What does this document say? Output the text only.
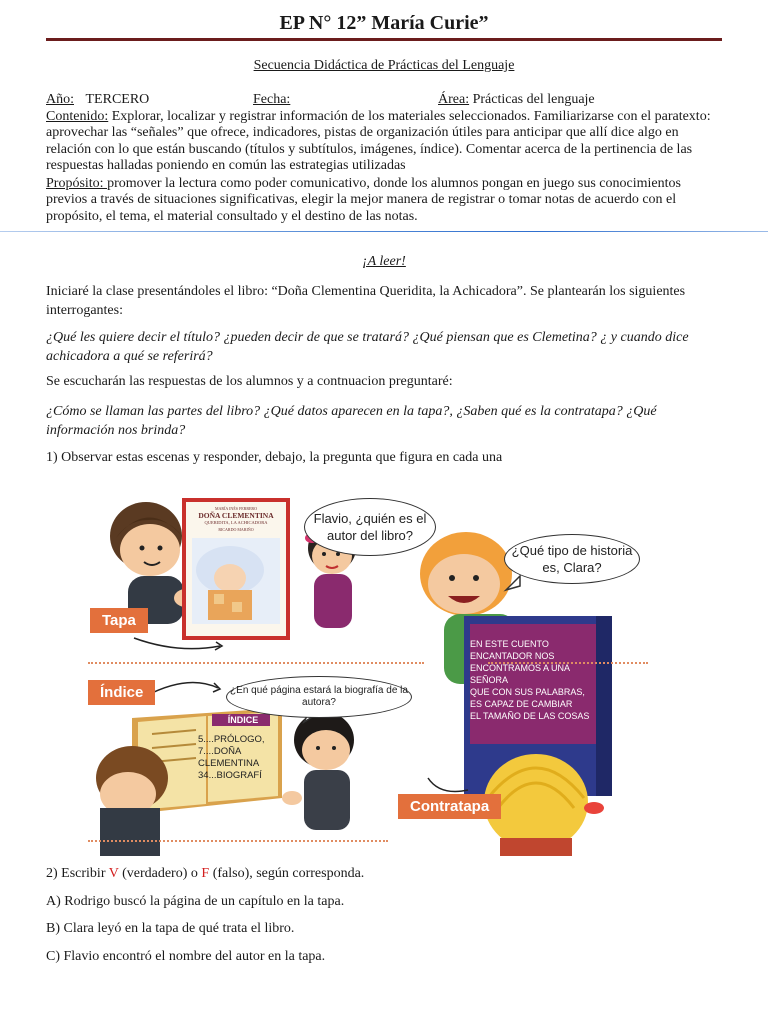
EP N° 12” María Curie”
Secuencia Didáctica de Prácticas del Lenguaje
Año: TERCERO	Fecha:	Área: Prácticas del lenguaje
Contenido: Explorar, localizar y registrar información de los materiales seleccionados. Familiarizarse con el paratexto: aprovechar las “señales” que ofrece, indicadores, pistas de organización útiles para anticipar que allí dice algo en relación con lo que están buscando (títulos y subtítulos, imágenes, índice). Comentar acerca de la pertinencia de las respuestas halladas poniendo en común las estrategias utilizadas
Propósito: promover la lectura como poder comunicativo, donde los alumnos pongan en juego sus conocimientos previos a través de situaciones significativas, elegir la mejor manera de registrar o tomar notas de acuerdo con el propósito, el tema, el material consultado y el destino de las notas.
¡A leer!
Iniciaré la clase presentándoles el libro: “Doña Clementina Queridita, la Achicadora”. Se plantearán los siguientes interrogantes:
¿Qué les quiere decir el título? ¿pueden decir de que se tratará? ¿Qué piensan que es Clemetina? ¿ y cuando dice achicadora a qué se referirá?
Se escucharán las respuestas de los alumnos y a contnuacion preguntaré:
¿Cómo se llaman las partes del libro? ¿Qué datos aparecen en la tapa?, ¿Saben qué es la contratapa? ¿Qué información nos brinda?
1) Observar estas escenas y responder, debajo, la pregunta que figura en cada una
Flavio, ¿quién es el autor del libro?
¿Qué tipo de historia es, Clara?
¿En qué página estará la biografía de la autora?
MARÍA INÉS FERRERO
DOÑA CLEMENTINA
QUERIDITA, LA ACHICADORA
RICARDO MARIÑO
ÍNDICE
5....PRÓLOGO,
7....DOÑA
CLEMENTINA
34...BIOGRAFÍ
EN ESTE CUENTO
ENCANTADOR NOS
ENCONTRAMOS A UNA
SEÑORA
QUE CON SUS PALABRAS,
ES CAPAZ DE CAMBIAR
EL TAMAÑO DE LAS COSAS
Tapa
Índice
Contratapa
2) Escribir V (verdadero) o F (falso), según corresponda.
A) Rodrigo buscó la página de un capítulo en la tapa.
B) Clara leyó en la tapa de qué trata el libro.
C) Flavio encontró el nombre del autor en la tapa.
